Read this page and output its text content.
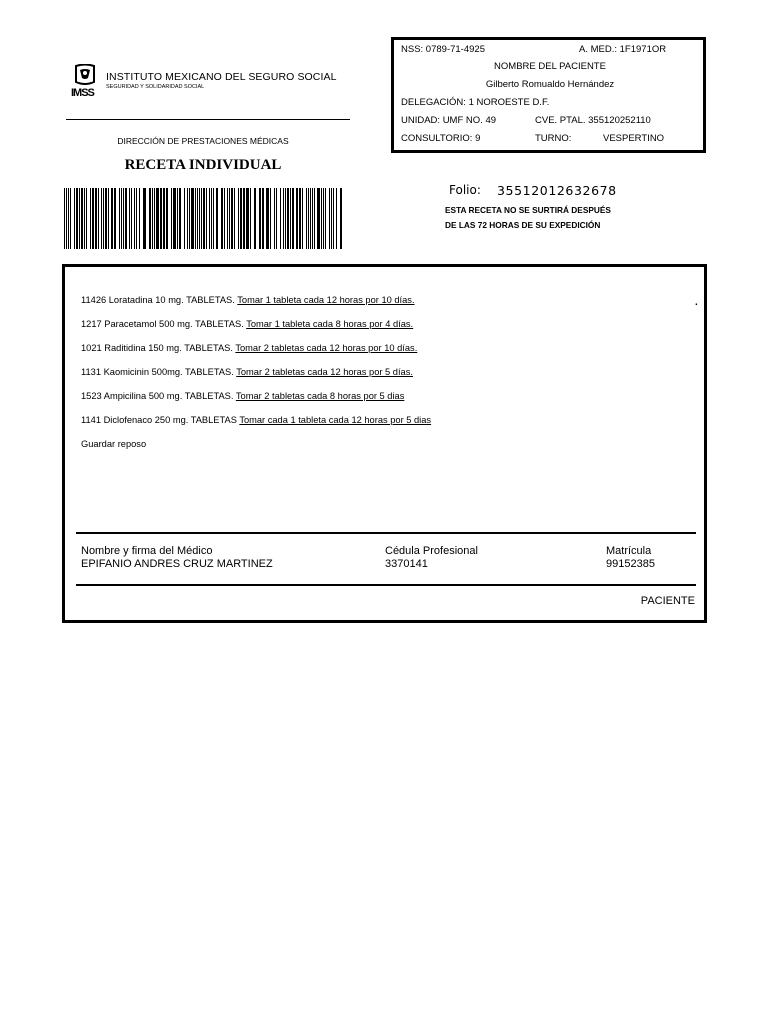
IMSS
INSTITUTO MEXICANO DEL SEGURO SOCIAL
SEGURIDAD Y SOLIDARIDAD SOCIAL
DIRECCIÓN DE PRESTACIONES MÉDICAS
RECETA INDIVIDUAL
NSS: 0789-71-4925	A. MED.: 1F1971OR
NOMBRE DEL PACIENTE
Gilberto Romualdo Hernández
DELEGACIÓN: 1 NOROESTE D.F.
UNIDAD: UMF NO. 49	CVE. PTAL. 355120252110
CONSULTORIO: 9	TURNO:	VESPERTINO
Folio: 35512012632678
ESTA RECETA NO SE SURTIRÁ DESPUÉS
DE LAS 72 HORAS DE SU EXPEDICIÓN
11426 Loratadina 10 mg. TABLETAS. Tomar 1 tableta cada 12 horas por 10 días.
1217 Paracetamol 500 mg. TABLETAS. Tomar 1 tableta cada 8 horas por 4 días.
1021 Raditidina 150 mg. TABLETAS. Tomar 2 tabletas cada 12 horas por 10 días.
1131 Kaomicinin 500mg. TABLETAS. Tomar 2 tabletas cada 12 horas por 5 días.
1523 Ampicilina 500 mg. TABLETAS. Tomar 2 tabletas cada 8 horas por 5 dias
1141 Diclofenaco 250 mg. TABLETAS Tomar cada 1 tableta cada 12 horas por 5 dias
Guardar reposo
.
Nombre y firma del Médico
EPIFANIO ANDRES CRUZ MARTINEZ
Cédula Profesional
3370141
Matrícula
99152385
PACIENTE
